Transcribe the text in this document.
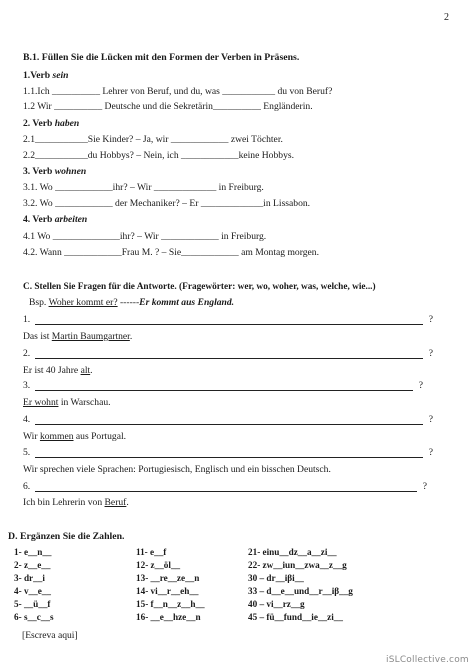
2
B.1. Füllen Sie die Lücken mit den Formen der Verben in Präsens.
1.Verb sein
1.1.Ich __________ Lehrer von Beruf, und du, was ___________ du von Beruf?
1.2 Wir __________ Deutsche und die Sekretärin__________ Engländerin.
2. Verb haben
2.1___________Sie Kinder? – Ja, wir ____________ zwei Töchter.
2.2___________du Hobbys? – Nein, ich ____________keine Hobbys.
3. Verb wohnen
3.1. Wo ____________ihr? – Wir _____________ in Freiburg.
3.2. Wo ____________ der Mechaniker? – Er _____________in Lissabon.
4. Verb arbeiten
4.1 Wo ______________ihr? – Wir ____________ in Freiburg.
4.2. Wann ____________Frau M. ? – Sie____________ am Montag morgen.
C. Stellen Sie Fragen für die Antworte. (Fragewörter: wer, wo, woher, was, welche, wie...)
Bsp. Woher kommt er? ------Er kommt aus England.
1.	?
Das ist Martin Baumgartner.
2.	?
Er ist 40 Jahre alt.
3.	?
Er wohnt in Warschau.
4.	?
Wir kommen aus Portugal.
5.	?
Wir sprechen viele Sprachen: Portugiesisch, Englisch und ein bisschen Deutsch.
6.	?
Ich bin Lehrerin von Beruf.
D. Ergänzen Sie die Zahlen.
1- e__n__
2- z__e__
3- dr__i
4- v__e__
5- __ü__f
6- s__c__s
11- e__f
12- z__öl__
13- __re__ze__n
14- vi__r__eh__
15- f__n__z__h__
16- __e__hze__n
21- einu__dz__a__zi__
22- zw__iun__zwa__z__g
30 – dr__iβi__
33 – d__e__und__r__iβ__g
40 – vi__rz__g
45 – fü__fund__ie__zi__
[Escreva aqui]
iSLCollective.com
